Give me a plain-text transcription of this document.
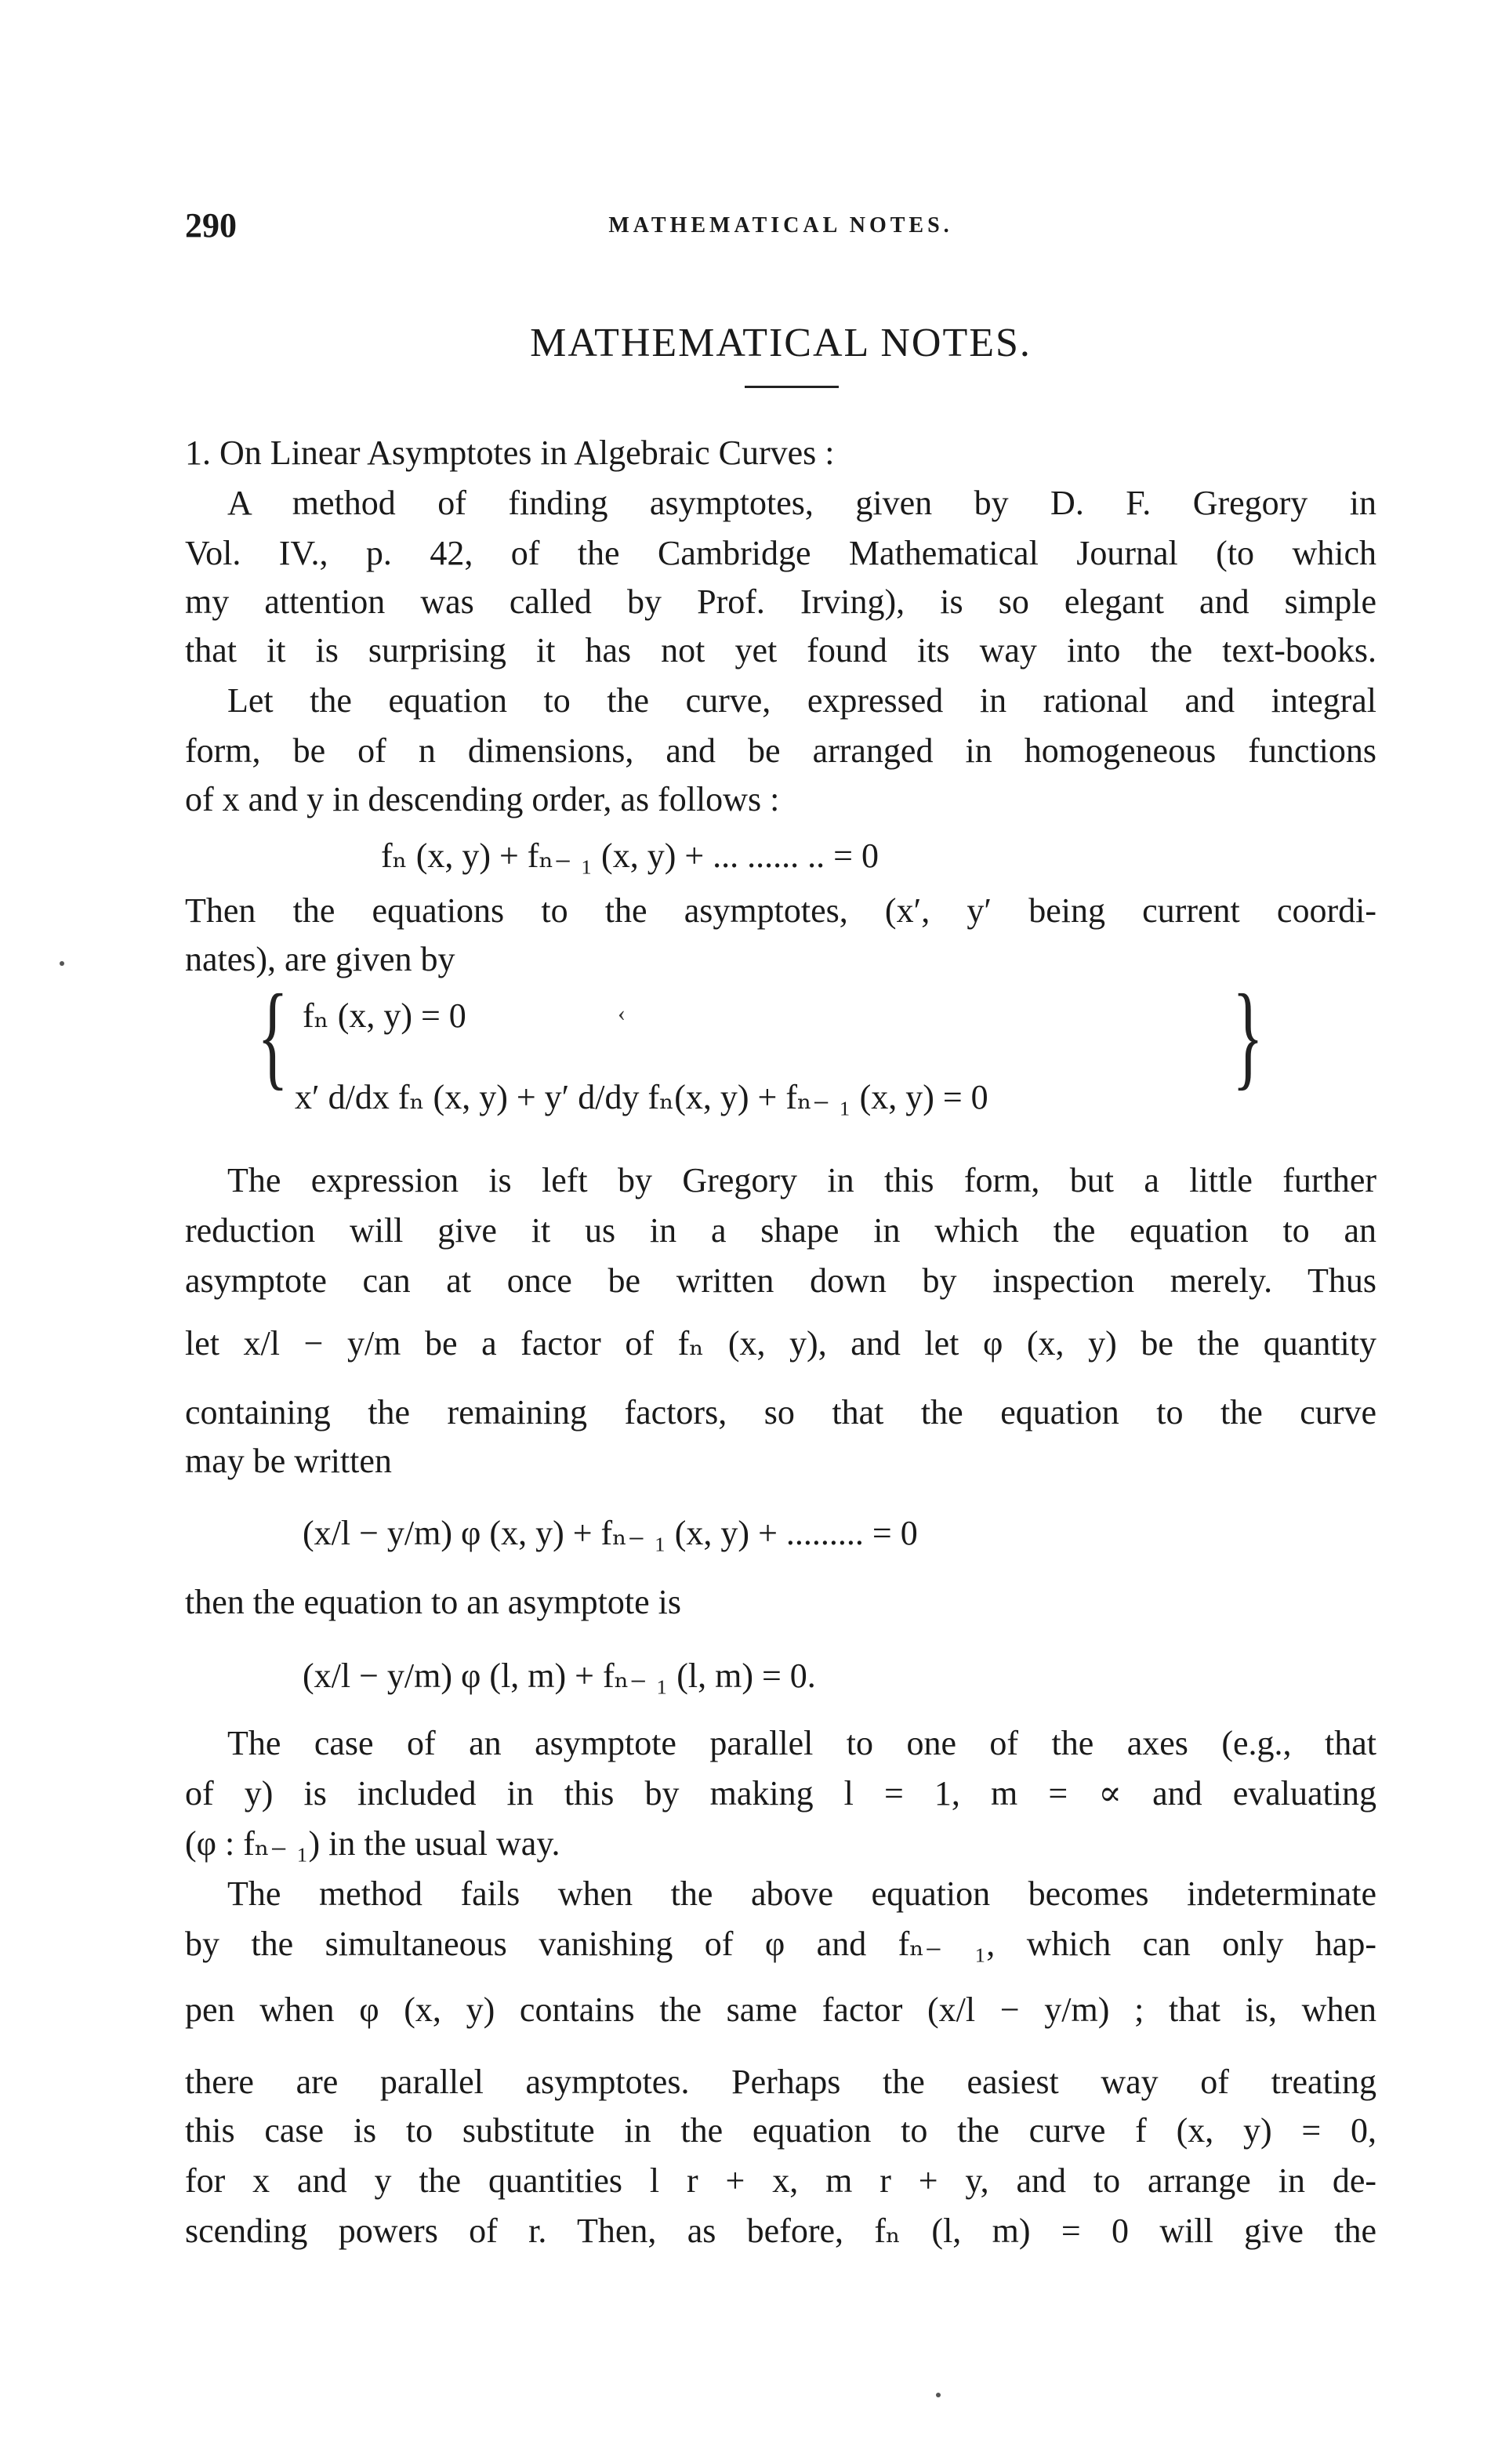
290	MATHEMATICAL NOTES.
MATHEMATICAL NOTES.
1. On Linear Asymptotes in Algebraic Curves :
A method of finding asymptotes, given by D. F. Gregory in
Vol. IV., p. 42, of the Cambridge Mathematical Journal (to which
my attention was called by Prof. Irving), is so elegant and simple
that it is surprising it has not yet found its way into the text-books.
Let the equation to the curve, expressed in rational and integral
form, be of n dimensions, and be arranged in homogeneous functions
of x and y in descending order, as follows :
fₙ (x, y) + fₙ₋ ₁ (x, y) + ... ...... .. = 0
Then the equations to the asymptotes, (x′, y′ being current coordi-
nates), are given by
{ fₙ (x, y) = 0	‹
x′ d/dx fₙ (x, y) + y′ d/dy fₙ(x, y) + fₙ₋ ₁ (x, y) = 0 }
The expression is left by Gregory in this form, but a little further
reduction will give it us in a shape in which the equation to an
asymptote can at once be written down by inspection merely. Thus
let x/l − y/m be a factor of fₙ (x, y), and let φ (x, y) be the quantity
containing the remaining factors, so that the equation to the curve
may be written
(x/l − y/m) φ (x, y) + fₙ₋ ₁ (x, y) + ......... = 0
then the equation to an asymptote is
(x/l − y/m) φ (l, m) + fₙ₋ ₁ (l, m) = 0.
The case of an asymptote parallel to one of the axes (e.g., that
of y) is included in this by making l = 1, m = ∝ and evaluating
(φ : fₙ₋ ₁) in the usual way.
The method fails when the above equation becomes indeterminate
by the simultaneous vanishing of φ and fₙ₋ ₁, which can only hap-
pen when φ (x, y) contains the same factor (x/l − y/m) ; that is, when
there are parallel asymptotes. Perhaps the easiest way of treating
this case is to substitute in the equation to the curve f (x, y) = 0,
for x and y the quantities l r + x, m r + y, and to arrange in de-
scending powers of r. Then, as before, fₙ (l, m) = 0 will give the
